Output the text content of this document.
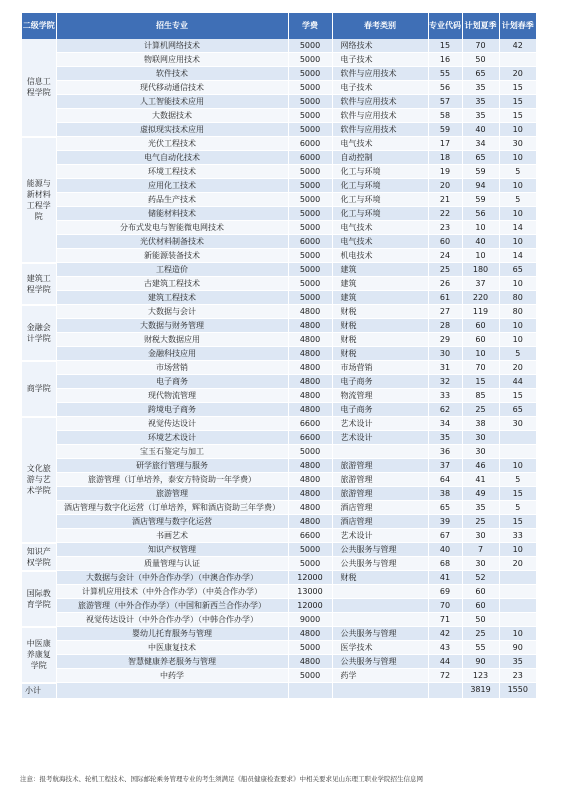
二级学院	招生专业	学费	春考类别	专业代码	计划夏季	计划春季
信息工程学院	计算机网络技术	5000	网络技术	15	70	42
	物联网应用技术	5000	电子技术	16	50	
	软件技术	5000	软件与应用技术	55	65	20
	现代移动通信技术	5000	电子技术	56	35	15
	人工智能技术应用	5000	软件与应用技术	57	35	15
	大数据技术	5000	软件与应用技术	58	35	15
	虚拟现实技术应用	5000	软件与应用技术	59	40	10
能源与新材料工程学院	光伏工程技术	6000	电气技术	17	34	30
	电气自动化技术	6000	自动控制	18	65	10
	环境工程技术	5000	化工与环境	19	59	5
	应用化工技术	5000	化工与环境	20	94	10
	药品生产技术	5000	化工与环境	21	59	5
	储能材料技术	5000	化工与环境	22	56	10
	分布式发电与智能微电网技术	5000	电气技术	23	10	14
	光伏材料制备技术	6000	电气技术	60	40	10
	新能源装备技术	5000	机电技术	24	10	14
建筑工程学院	工程造价	5000	建筑	25	180	65
	古建筑工程技术	5000	建筑	26	37	10
	建筑工程技术	5000	建筑	61	220	80
金融会计学院	大数据与会计	4800	财税	27	119	80
	大数据与财务管理	4800	财税	28	60	10
	财税大数据应用	4800	财税	29	60	10
	金融科技应用	4800	财税	30	10	5
商学院	市场营销	4800	市场营销	31	70	20
	电子商务	4800	电子商务	32	15	44
	现代物流管理	4800	物流管理	33	85	15
	跨境电子商务	4800	电子商务	62	25	65
文化旅游与艺术学院	视觉传达设计	6600	艺术设计	34	38	30
	环境艺术设计	6600	艺术设计	35	30	
	宝玉石鉴定与加工	5000		36	30	
	研学旅行管理与服务	4800	旅游管理	37	46	10
	旅游管理（订单培养，泰安方特资助一年学费）	4800	旅游管理	64	41	5
	旅游管理	4800	旅游管理	38	49	15
	酒店管理与数字化运营（订单培养，辉和酒店资助三年学费）	4800	酒店管理	65	35	5
	酒店管理与数字化运营	4800	酒店管理	39	25	15
	书画艺术	6600	艺术设计	67	30	33
知识产权学院	知识产权管理	5000	公共服务与管理	40	7	10
	质量管理与认证	5000	公共服务与管理	68	30	20
国际教育学院	大数据与会计（中外合作办学）（中澳合作办学）	12000	财税	41	52	
	计算机应用技术（中外合作办学）（中英合作办学）	13000		69	60	
	旅游管理（中外合作办学）（中国和新西兰合作办学）	12000		70	60	
	视觉传达设计（中外合作办学）（中韩合作办学）	9000		71	50	
中医康养康复学院	婴幼儿托育服务与管理	4800	公共服务与管理	42	25	10
	中医康复技术	5000	医学技术	43	55	90
	智慧健康养老服务与管理	4800	公共服务与管理	44	90	35
	中药学	5000	药学	72	123	23
小计					3819	1550
注意：报考航海技术、轮机工程技术、国际邮轮乘务管理专业的考生须满足《船员健康检查要求》中相关要求见山东理工职业学院招生信息网
